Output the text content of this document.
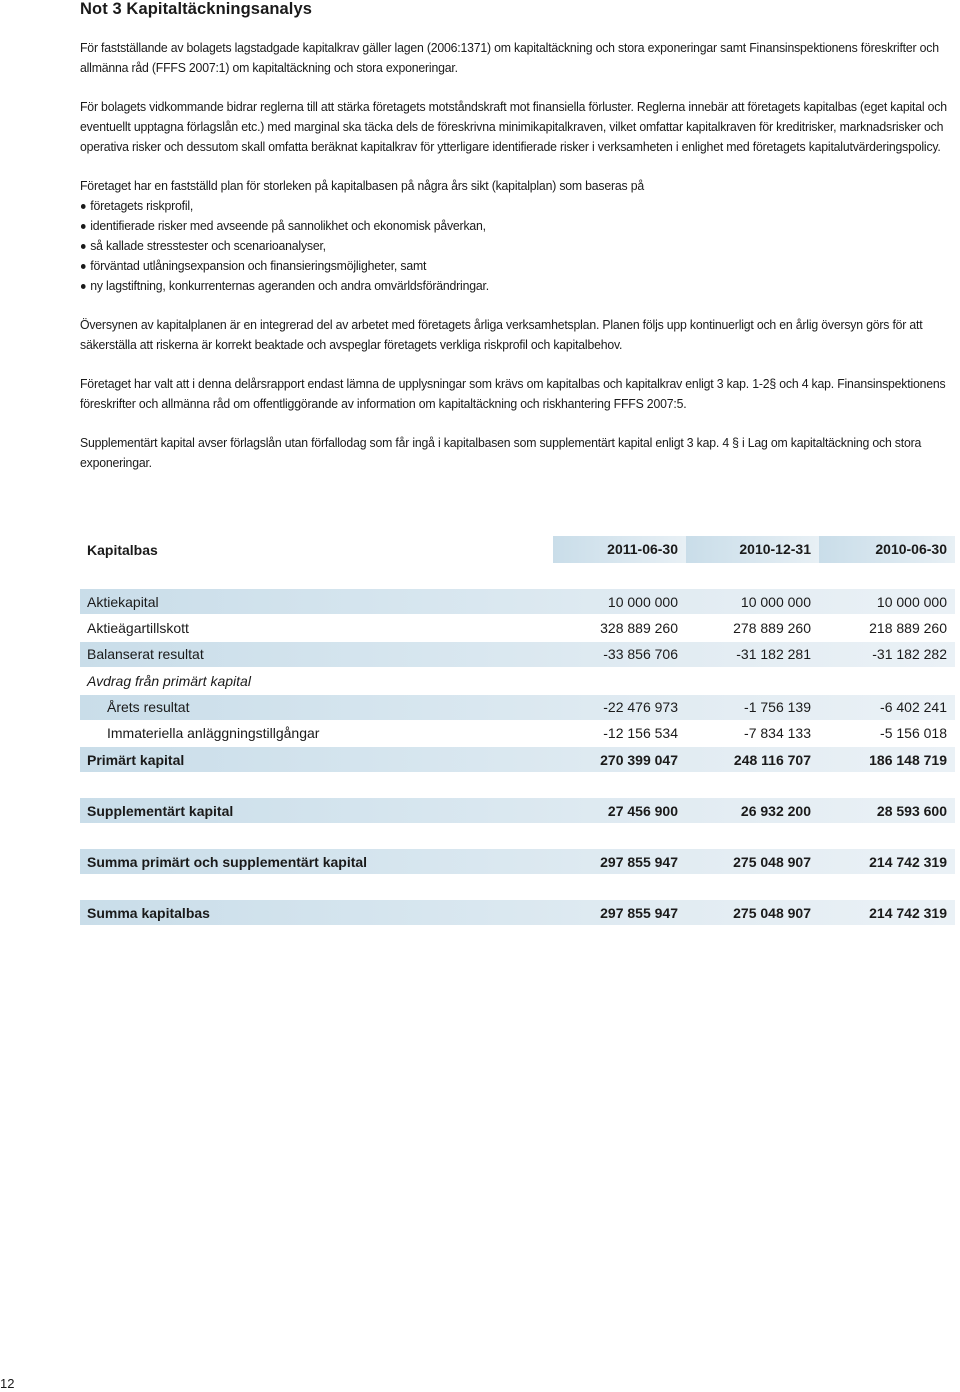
Not 3 Kapitaltäckningsanalys

För fastställande av bolagets lagstadgade kapitalkrav gäller lagen (2006:1371) om kapitaltäckning och stora exponeringar samt Finansinspektionens föreskrifter och allmänna råd (FFFS 2007:1) om kapitaltäckning och stora exponeringar.

För bolagets vidkommande bidrar reglerna till att stärka företagets motståndskraft mot finansiella förluster. Reglerna innebär att företagets kapitalbas (eget kapital och eventuellt upptagna förlagslån etc.) med marginal ska täcka dels de föreskrivna minimikapitalkraven, vilket omfattar kapitalkraven för kreditrisker, marknadsrisker och operativa risker och dessutom skall omfatta beräknat kapitalkrav för ytterligare identifierade risker i verksamheten i enlighet med företagets kapitalutvärderingspolicy.

Företaget har en fastställd plan för storleken på kapitalbasen på några års sikt (kapitalplan) som baseras på

företagets riskprofil,
identifierade risker med avseende på sannolikhet och ekonomisk påverkan,
så kallade stresstester och scenarioanalyser,
förväntad utlåningsexpansion och finansieringsmöjligheter, samt
ny lagstiftning, konkurrenternas ageranden och andra omvärldsförändringar.

Översynen av kapitalplanen är en integrerad del av arbetet med företagets årliga verksamhetsplan. Planen följs upp kontinuerligt och en årlig översyn görs för att säkerställa att riskerna är korrekt beaktade och avspeglar företagets verkliga riskprofil och kapitalbehov.

Företaget har valt att i denna delårsrapport endast lämna de upplysningar som krävs om kapitalbas och kapitalkrav enligt 3 kap. 1-2§ och 4 kap. Finansinspektionens föreskrifter och allmänna råd om offentliggörande av information om kapitaltäckning och riskhantering FFFS 2007:5.

Supplementärt kapital avser förlagslån utan förfallodag som får ingå i kapitalbasen som supplementärt kapital enligt 3 kap. 4 § i Lag om kapitaltäckning och stora exponeringar.

Kapitalbas	2011-06-30	2010-12-31	2010-06-30
Aktiekapital	10 000 000	10 000 000	10 000 000
Aktieägartillskott	328 889 260	278 889 260	218 889 260
Balanserat resultat	-33 856 706	-31 182 281	-31 182 282
Avdrag från primärt kapital
Årets resultat	-22 476 973	-1 756 139	-6 402 241
Immateriella anläggningstillgångar	-12 156 534	-7 834 133	-5 156 018
Primärt kapital	270 399 047	248 116 707	186 148 719
Supplementärt kapital	27 456 900	26 932 200	28 593 600
Summa primärt och supplementärt kapital	297 855 947	275 048 907	214 742 319
Summa kapitalbas	297 855 947	275 048 907	214 742 319
12
